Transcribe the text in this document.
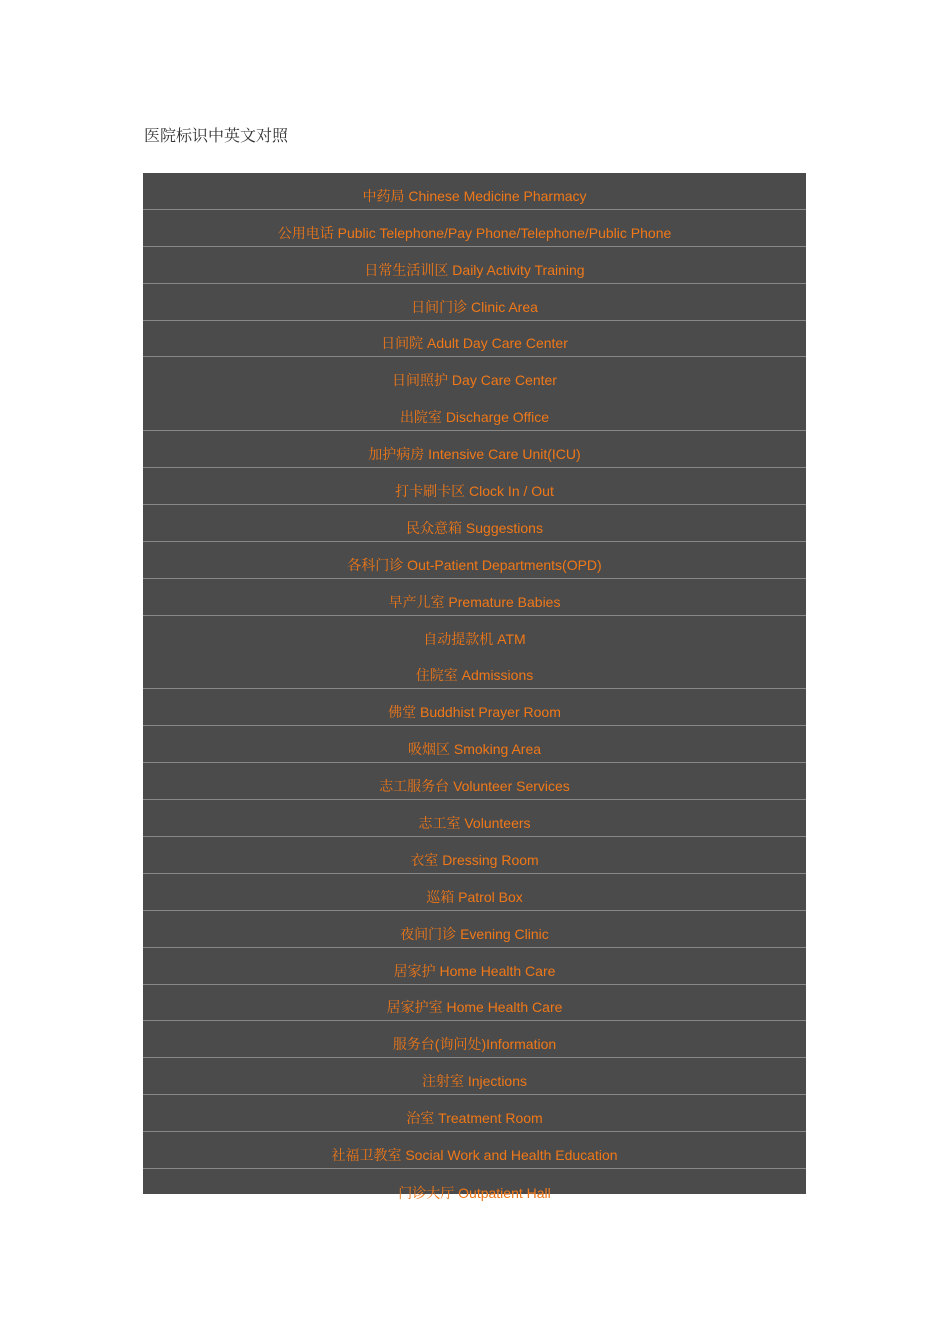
医院标识中英文对照
中药局 Chinese Medicine Pharmacy
公用电话 Public Telephone/Pay Phone/Telephone/Public Phone
日常生活训区 Daily Activity Training
日间门诊 Clinic Area
日间院 Adult Day Care Center
日间照护 Day Care Center
出院室 Discharge Office
加护病房 Intensive Care Unit(ICU)
打卡刷卡区 Clock In / Out
民众意箱 Suggestions
各科门诊 Out-Patient Departments(OPD)
早产儿室 Premature Babies
自动提款机 ATM
住院室 Admissions
佛堂 Buddhist Prayer Room
吸烟区 Smoking Area
志工服务台 Volunteer Services
志工室 Volunteers
衣室 Dressing Room
巡箱 Patrol Box
夜间门诊 Evening Clinic
居家护 Home Health Care
居家护室 Home Health Care
服务台(询问处)Information
注射室 Injections
治室 Treatment Room
社福卫教室 Social Work and Health Education
门诊大厅 Outpatient Hall
